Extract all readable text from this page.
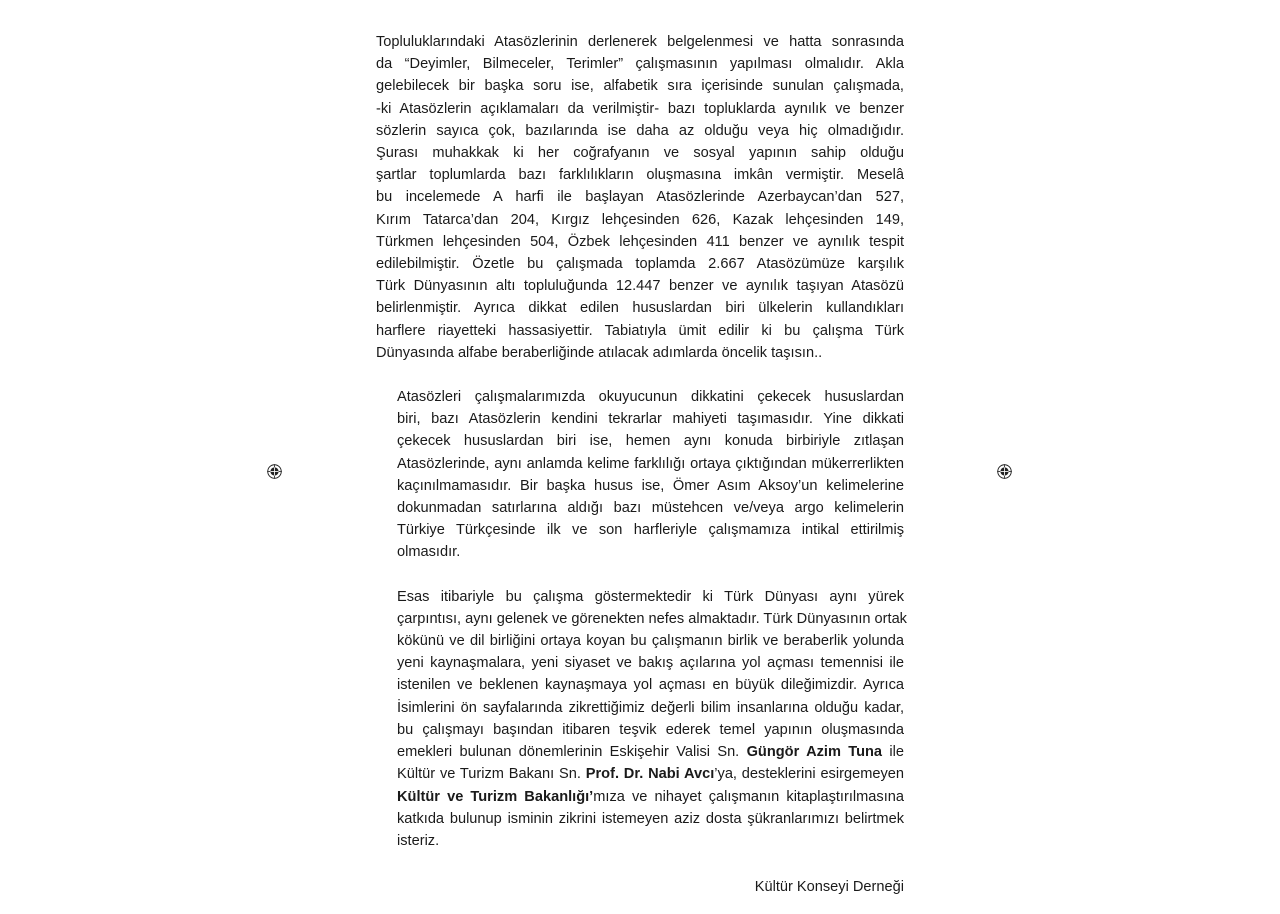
Topluluklarındaki Atasözlerinin derlenerek belgelenmesi ve hatta sonrasında
da “Deyimler, Bilmeceler, Terimler” çalışmasının yapılması olmalıdır. Akla
gelebilecek bir başka soru ise, alfabetik sıra içerisinde sunulan çalışmada,
-ki Atasözlerin açıklamaları da verilmiştir- bazı topluklarda aynılık ve benzer
sözlerin sayıca çok, bazılarında ise daha az olduğu veya hiç olmadığıdır.
Şurası muhakkak ki her coğrafyanın ve sosyal yapının sahip olduğu
şartlar toplumlarda bazı farklılıkların oluşmasına imkân vermiştir. Meselâ
bu incelemede A harfi ile başlayan Atasözlerinde Azerbaycan’dan 527,
Kırım Tatarca’dan 204, Kırgız lehçesinden 626, Kazak lehçesinden 149,
Türkmen lehçesinden 504, Özbek lehçesinden 411 benzer ve aynılık tespit
edilebilmiştir. Özetle bu çalışmada toplamda 2.667 Atasözümüze karşılık
Türk Dünyasının altı topluluğunda 12.447 benzer ve aynılık taşıyan Atasözü
belirlenmiştir. Ayrıca dikkat edilen hususlardan biri ülkelerin kullandıkları
harflere riayetteki hassasiyettir. Tabiatıyla ümit edilir ki bu çalışma Türk
Dünyasında alfabe beraberliğinde atılacak adımlarda öncelik taşısın..

Atasözleri çalışmalarımızda okuyucunun dikkatini çekecek hususlardan
biri, bazı Atasözlerin kendini tekrarlar mahiyeti taşımasıdır. Yine dikkati
çekecek hususlardan biri ise, hemen aynı konuda birbiriyle zıtlaşan
Atasözlerinde, aynı anlamda kelime farklılığı ortaya çıktığından mükerrerlikten
kaçınılmamasıdır. Bir başka husus ise, Ömer Asım Aksoy’un kelimelerine
dokunmadan satırlarına aldığı bazı müstehcen ve/veya argo kelimelerin
Türkiye Türkçesinde ilk ve son harfleriyle çalışmamıza intikal ettirilmiş
olmasıdır.

Esas itibariyle bu çalışma göstermektedir ki Türk Dünyası aynı yürek
çarpıntısı, aynı gelenek ve görenekten nefes almaktadır. Türk Dünyasının ortak
kökünü ve dil birliğini ortaya koyan bu çalışmanın birlik ve beraberlik yolunda
yeni kaynaşmalara, yeni siyaset ve bakış açılarına yol açması temennisi ile
istenilen ve beklenen kaynaşmaya yol açması en büyük dileğimizdir. Ayrıca
İsimlerini ön sayfalarında zikrettiğimiz değerli bilim insanlarına olduğu kadar,
bu çalışmayı başından itibaren teşvik ederek temel yapının oluşmasında
emekleri bulunan dönemlerinin Eskişehir Valisi Sn. Güngör Azim Tuna ile
Kültür ve Turizm Bakanı Sn. Prof. Dr. Nabi Avcı’ya, desteklerini esirgemeyen
Kültür ve Turizm Bakanlığı’mıza ve nihayet çalışmanın kitaplaştırılmasına
katkıda bulunup isminin zikrini istemeyen aziz dosta şükranlarımızı belirtmek
isteriz.

Kültür Konseyi Derneği
